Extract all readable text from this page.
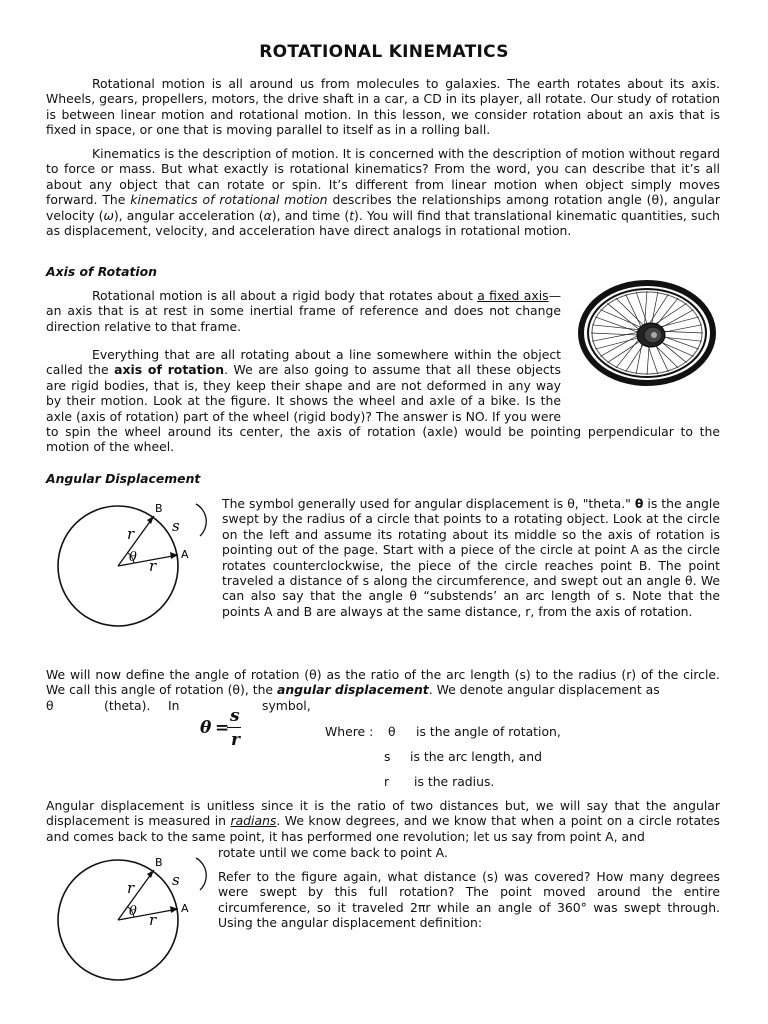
ROTATIONAL KINEMATICS

Rotational motion is all around us from molecules to galaxies. The earth rotates about its axis. Wheels, gears, propellers, motors, the drive shaft in a car, a CD in its player, all rotate. Our study of rotation is between linear motion and rotational motion. In this lesson, we consider rotation about an axis that is fixed in space, or one that is moving parallel to itself as in a rolling ball.

Kinematics is the description of motion. It is concerned with the description of motion without regard to force or mass. But what exactly is rotational kinematics? From the word, you can describe that it’s all about any object that can rotate or spin. It’s different from linear motion when object simply moves forward. The kinematics of rotational motion describes the relationships among rotation angle (θ), angular velocity (ω), angular acceleration (α), and time (t). You will find that translational kinematic quantities, such as displacement, velocity, and acceleration have direct analogs in rotational motion.

Axis of Rotation

Rotational motion is all about a rigid body that rotates about a fixed axis—an axis that is at rest in some inertial frame of reference and does not change direction relative to that frame.

Everything that are all rotating about a line somewhere within the object called the axis of rotation. We are also going to assume that all these objects are rigid bodies, that is, they keep their shape and are not deformed in any way by their motion. Look at the figure. It shows the wheel and axle of a bike. Is the axle (axis of rotation) part of the wheel (rigid body)? The answer is NO. If you were to spin the wheel around its center, the axis of rotation (axle) would be pointing perpendicular to the motion of the wheel.
Angular Displacement
B
A
r
r
θ
s

The symbol generally used for angular displacement is θ, "theta." θ is the angle swept by the radius of a circle that points to a rotating object. Look at the circle on the left and assume its rotating about its middle so the axis of rotation is pointing out of the page. Start with a piece of the circle at point A as the circle rotates counterclockwise, the piece of the circle reaches point B. The point traveled a distance of s along the circumference, and swept out an angle θ. We can also say that the angle θ “substends’ an arc length of s. Note that the points A and B are always at the same distance, r, from the axis of rotation.

We will now define the angle of rotation (θ) as the ratio of the arc length (s) to the radius (r) of the circle. We call this angle of rotation (θ), the angular displacement. We denote angular displacement as

θ	(theta). In	symbol,
θ =
s
r	Where : θ is the angle of rotation,
s is the arc length, and
r is the radius.

Angular displacement is unitless since it is the ratio of two distances but, we will say that the angular displacement is measured in radians. We know degrees, and we know that when a point on a circle rotates and comes back to the same point, it has performed one revolution; let us say from point A, and

rotate until we come back to point A.
B
A
r
r
θ
s	Refer to the figure again, what distance (s) was covered? How many degrees were swept by this full rotation? The point moved around the entire circumference, so it traveled 2πr while an angle of 360° was swept through. Using the angular displacement definition:
